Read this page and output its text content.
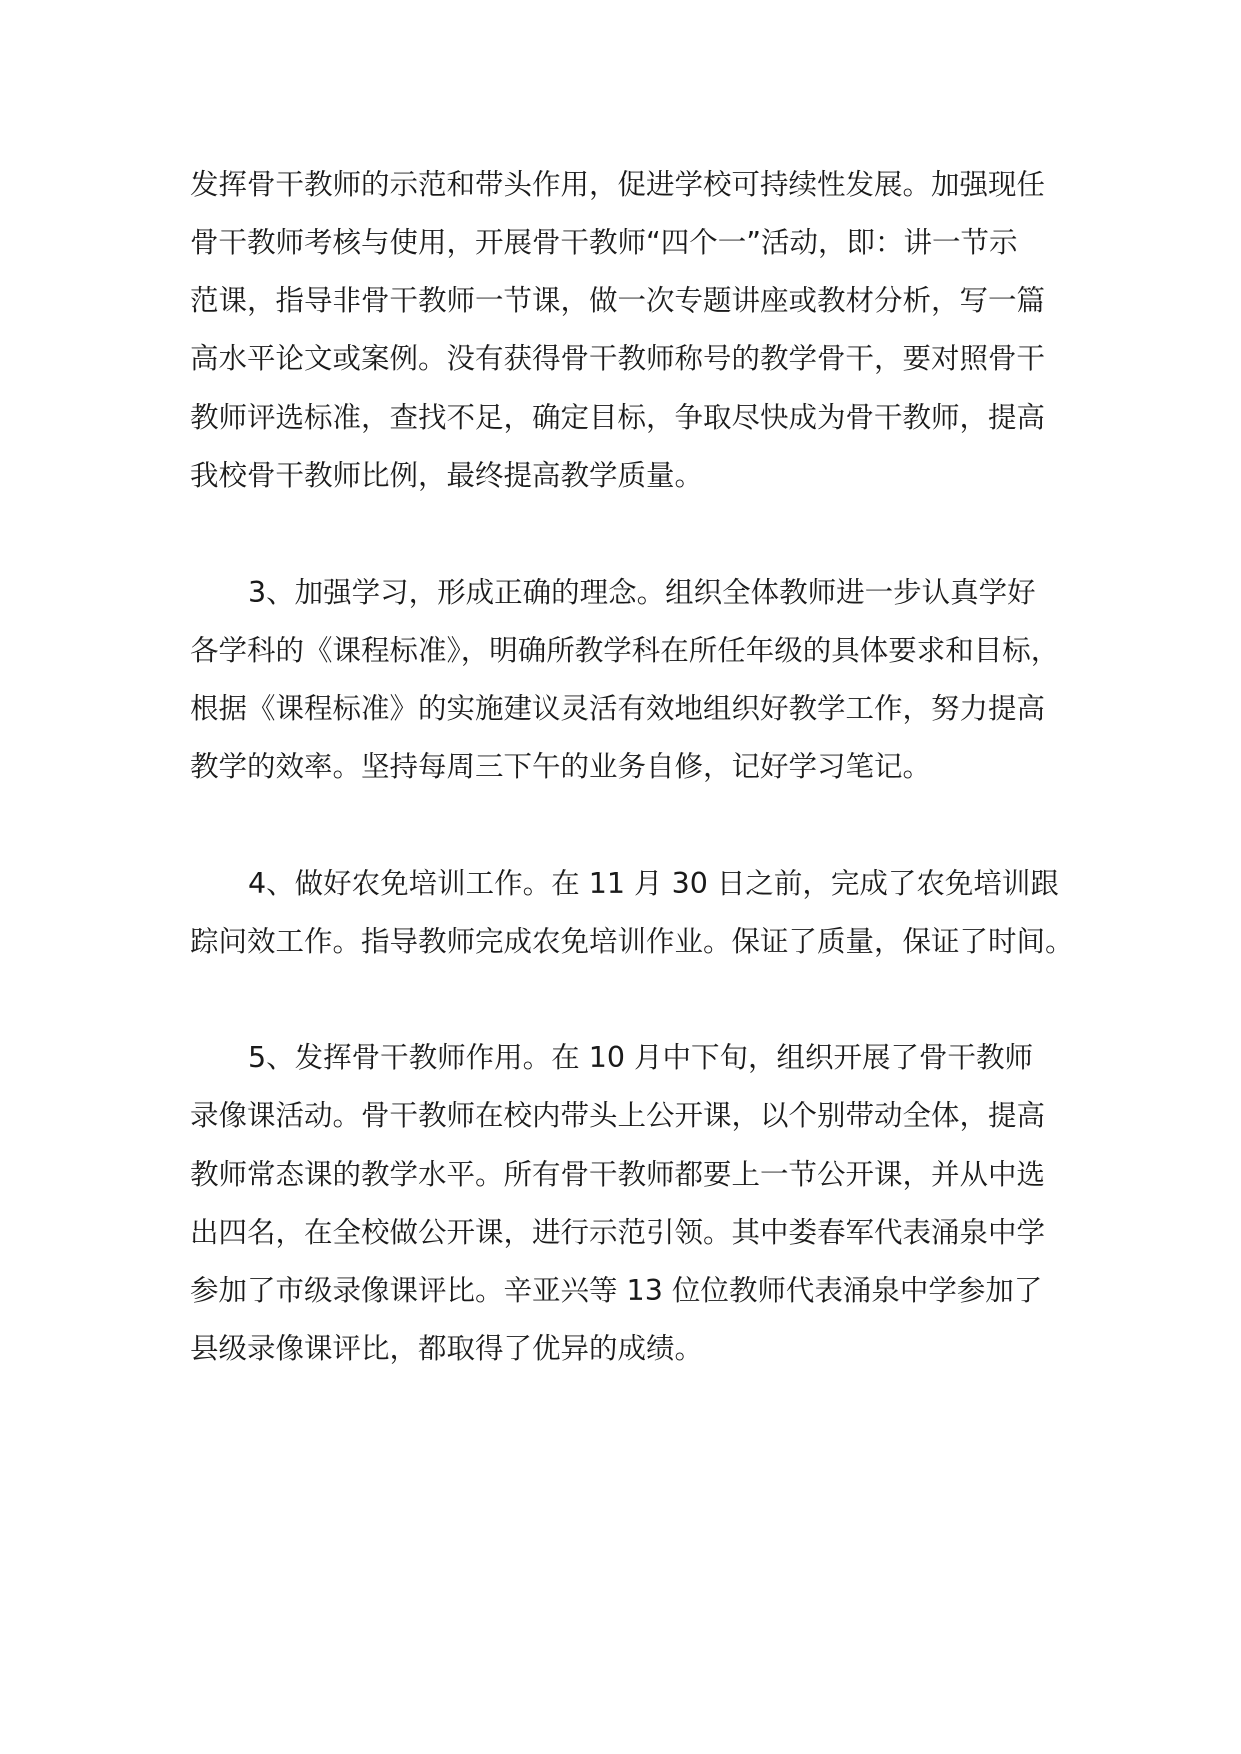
发挥骨干教师的示范和带头作用，促进学校可持续性发展。加强现任
骨干教师考核与使用，开展骨干教师“四个一”活动，即：讲一节示
范课，指导非骨干教师一节课，做一次专题讲座或教材分析，写一篇
高水平论文或案例。没有获得骨干教师称号的教学骨干，要对照骨干
教师评选标准，查找不足，确定目标，争取尽快成为骨干教师，提高
我校骨干教师比例，最终提高教学质量。
3、加强学习，形成正确的理念。组织全体教师进一步认真学好
各学科的《课程标准》，明确所教学科在所任年级的具体要求和目标，
根据《课程标准》的实施建议灵活有效地组织好教学工作，努力提高
教学的效率。坚持每周三下午的业务自修，记好学习笔记。
4、做好农免培训工作。在 11 月 30 日之前，完成了农免培训跟
踪问效工作。指导教师完成农免培训作业。保证了质量，保证了时间。
5、发挥骨干教师作用。在 10 月中下旬，组织开展了骨干教师
录像课活动。骨干教师在校内带头上公开课，以个别带动全体，提高
教师常态课的教学水平。所有骨干教师都要上一节公开课，并从中选
出四名，在全校做公开课，进行示范引领。其中娄春军代表涌泉中学
参加了市级录像课评比。辛亚兴等 13 位位教师代表涌泉中学参加了
县级录像课评比，都取得了优异的成绩。
